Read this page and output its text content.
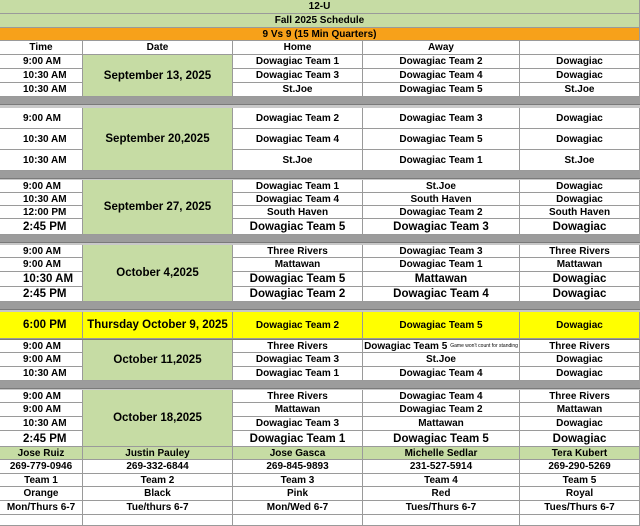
12-U
Fall 2025 Schedule
9 Vs 9 (15 Min Quarters)
Time	Date	Home	Away
September 13, 2025
9:00 AM	Dowagiac Team 1	Dowagiac Team 2	Dowagiac
10:30 AM	Dowagiac Team 3	Dowagiac Team 4	Dowagiac
10:30 AM	St.Joe	Dowagiac Team 5	St.Joe
September 20,2025
9:00 AM	Dowagiac Team 2	Dowagiac Team 3	Dowagiac
10:30 AM	Dowagiac Team 4	Dowagiac Team 5	Dowagiac
10:30 AM	St.Joe	Dowagiac Team 1	St.Joe
September 27, 2025
9:00 AM	Dowagiac Team 1	St.Joe	Dowagiac
10:30 AM	Dowagiac Team 4	South Haven	Dowagiac
12:00 PM	South Haven	Dowagiac Team 2	South Haven
2:45 PM	Dowagiac Team 5	Dowagiac Team 3	Dowagiac
October 4,2025
9:00 AM	Three Rivers	Dowagiac Team 3	Three Rivers
9:00 AM	Mattawan	Dowagiac Team 1	Mattawan
10:30 AM	Dowagiac Team 5	Mattawan	Dowagiac
2:45 PM	Dowagiac Team 2	Dowagiac Team 4	Dowagiac
Thursday October 9, 2025
6:00 PM	Dowagiac Team 2	Dowagiac Team 5	Dowagiac
October 11,2025
9:00 AM	Three Rivers	Dowagiac Team 5 Game won't count for standing	Three Rivers
9:00 AM	Dowagiac Team 3	St.Joe	Dowagiac
10:30 AM	Dowagiac Team 1	Dowagiac Team 4	Dowagiac
October 18,2025
9:00 AM	Three Rivers	Dowagiac Team 4	Three Rivers
9:00 AM	Mattawan	Dowagiac Team 2	Mattawan
10:30 AM	Dowagiac Team 3	Mattawan	Dowagiac
2:45 PM	Dowagiac Team 1	Dowagiac Team 5	Dowagiac
Jose Ruiz	Justin Pauley	Jose Gasca	Michelle Sedlar	Tera Kubert
269-779-0946	269-332-6844	269-845-9893	231-527-5914	269-290-5269
Team 1	Team 2	Team 3	Team 4	Team 5
Orange	Black	Pink	Red	Royal
Mon/Thurs 6-7	Tue/thurs 6-7	Mon/Wed 6-7	Tues/Thurs 6-7	Tues/Thurs 6-7
